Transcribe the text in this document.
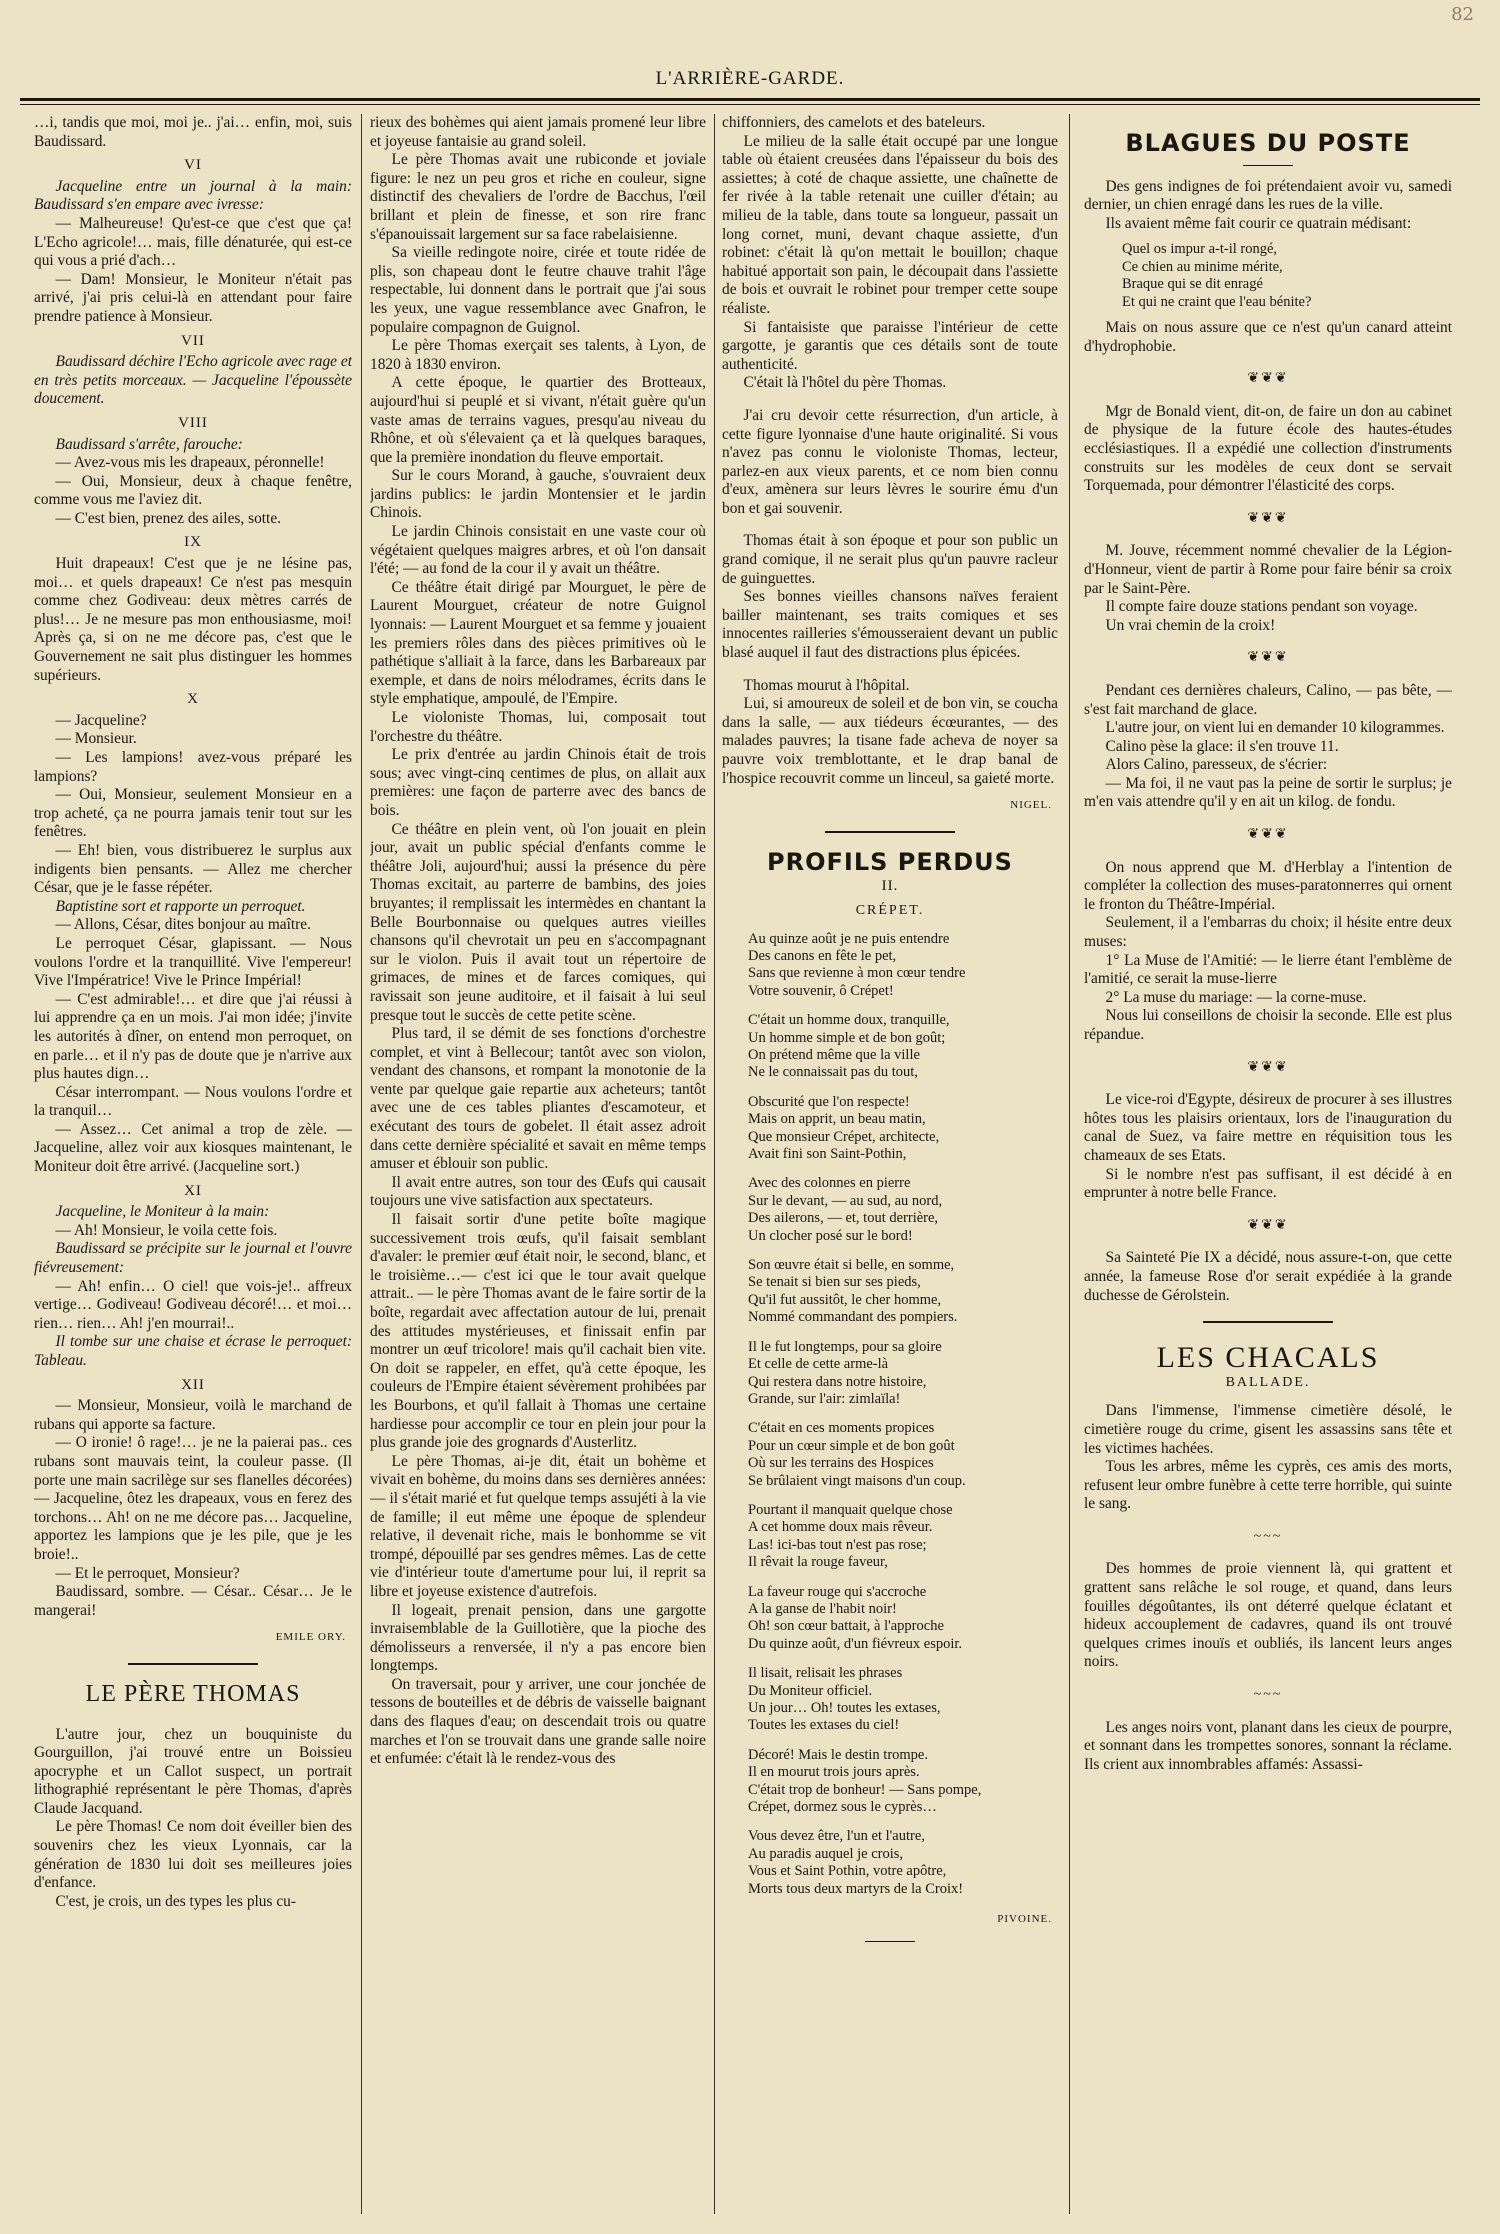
82
L'ARRIÈRE-GARDE.

…i, tandis que moi, moi je.. j'ai… enfin, moi, suis Baudissard.

VI

Jacqueline entre un journal à la main: Baudissard s'en empare avec ivresse:

— Malheureuse! Qu'est-ce que c'est que ça! L'Echo agricole!… mais, fille dénaturée, qui est-ce qui vous a prié d'ach…

— Dam! Monsieur, le Moniteur n'était pas arrivé, j'ai pris celui-là en attendant pour faire prendre patience à Monsieur.

VII

Baudissard déchire l'Echo agricole avec rage et en très petits morceaux. — Jacqueline l'époussète doucement.

VIII

Baudissard s'arrête, farouche:

— Avez-vous mis les drapeaux, péronnelle!

— Oui, Monsieur, deux à chaque fenêtre, comme vous me l'aviez dit.

— C'est bien, prenez des ailes, sotte.

IX

Huit drapeaux! C'est que je ne lésine pas, moi… et quels drapeaux! Ce n'est pas mesquin comme chez Godiveau: deux mètres carrés de plus!… Je ne mesure pas mon enthousiasme, moi! Après ça, si on ne me décore pas, c'est que le Gouvernement ne sait plus distinguer les hommes supérieurs.

X

— Jacqueline?

— Monsieur.

— Les lampions! avez-vous préparé les lampions?

— Oui, Monsieur, seulement Monsieur en a trop acheté, ça ne pourra jamais tenir tout sur les fenêtres.

— Eh! bien, vous distribuerez le surplus aux indigents bien pensants. — Allez me chercher César, que je le fasse répéter.

Baptistine sort et rapporte un perroquet.

— Allons, César, dites bonjour au maître.

Le perroquet César, glapissant. — Nous voulons l'ordre et la tranquillité. Vive l'empereur! Vive l'Impératrice! Vive le Prince Impérial!

— C'est admirable!… et dire que j'ai réussi à lui apprendre ça en un mois. J'ai mon idée; j'invite les autorités à dîner, on entend mon perroquet, on en parle… et il n'y pas de doute que je n'arrive aux plus hautes dign…

César interrompant. — Nous voulons l'ordre et la tranquil…

— Assez… Cet animal a trop de zèle. — Jacqueline, allez voir aux kiosques maintenant, le Moniteur doit être arrivé. (Jacqueline sort.)

XI

Jacqueline, le Moniteur à la main:

— Ah! Monsieur, le voila cette fois.

Baudissard se précipite sur le journal et l'ouvre fiévreusement:

— Ah! enfin… O ciel! que vois-je!.. affreux vertige… Godiveau! Godiveau décoré!… et moi… rien… rien… Ah! j'en mourrai!..

Il tombe sur une chaise et écrase le perroquet: Tableau.

XII

— Monsieur, Monsieur, voilà le marchand de rubans qui apporte sa facture.

— O ironie! ô rage!… je ne la paierai pas.. ces rubans sont mauvais teint, la couleur passe. (Il porte une main sacrilège sur ses flanelles décorées) — Jacqueline, ôtez les drapeaux, vous en ferez des torchons… Ah! on ne me décore pas… Jacqueline, apportez les lampions que je les pile, que je les broie!..

— Et le perroquet, Monsieur?

Baudissard, sombre. — César.. César… Je le mangerai!

EMILE ORY.
LE PÈRE THOMAS

L'autre jour, chez un bouquiniste du Gourguillon, j'ai trouvé entre un Boissieu apocryphe et un Callot suspect, un portrait lithographié représentant le père Thomas, d'après Claude Jacquand.

Le père Thomas! Ce nom doit éveiller bien des souvenirs chez les vieux Lyonnais, car la génération de 1830 lui doit ses meilleures joies d'enfance.

C'est, je crois, un des types les plus cu-

rieux des bohèmes qui aient jamais promené leur libre et joyeuse fantaisie au grand soleil.

Le père Thomas avait une rubiconde et joviale figure: le nez un peu gros et riche en couleur, signe distinctif des chevaliers de l'ordre de Bacchus, l'œil brillant et plein de finesse, et son rire franc s'épanouissait largement sur sa face rabelaisienne.

Sa vieille redingote noire, cirée et toute ridée de plis, son chapeau dont le feutre chauve trahit l'âge respectable, lui donnent dans le portrait que j'ai sous les yeux, une vague ressemblance avec Gnafron, le populaire compagnon de Guignol.

Le père Thomas exerçait ses talents, à Lyon, de 1820 à 1830 environ.

A cette époque, le quartier des Brotteaux, aujourd'hui si peuplé et si vivant, n'était guère qu'un vaste amas de terrains vagues, presqu'au niveau du Rhône, et où s'élevaient ça et là quelques baraques, que la première inondation du fleuve emportait.

Sur le cours Morand, à gauche, s'ouvraient deux jardins publics: le jardin Montensier et le jardin Chinois.

Le jardin Chinois consistait en une vaste cour où végétaient quelques maigres arbres, et où l'on dansait l'été; — au fond de la cour il y avait un théâtre.

Ce théâtre était dirigé par Mourguet, le père de Laurent Mourguet, créateur de notre Guignol lyonnais: — Laurent Mourguet et sa femme y jouaient les premiers rôles dans des pièces primitives où le pathétique s'alliait à la farce, dans les Barbareaux par exemple, et dans de noirs mélodrames, écrits dans le style emphatique, ampoulé, de l'Empire.

Le violoniste Thomas, lui, composait tout l'orchestre du théâtre.

Le prix d'entrée au jardin Chinois était de trois sous; avec vingt-cinq centimes de plus, on allait aux premières: une façon de parterre avec des bancs de bois.

Ce théâtre en plein vent, où l'on jouait en plein jour, avait un public spécial d'enfants comme le théâtre Joli, aujourd'hui; aussi la présence du père Thomas excitait, au parterre de bambins, des joies bruyantes; il remplissait les intermèdes en chantant la Belle Bourbonnaise ou quelques autres vieilles chansons qu'il chevrotait un peu en s'accompagnant sur le violon. Puis il avait tout un répertoire de grimaces, de mines et de farces comiques, qui ravissait son jeune auditoire, et il faisait à lui seul presque tout le succès de cette petite scène.

Plus tard, il se démit de ses fonctions d'orchestre complet, et vint à Bellecour; tantôt avec son violon, vendant des chansons, et rompant la monotonie de la vente par quelque gaie repartie aux acheteurs; tantôt avec une de ces tables pliantes d'escamoteur, et exécutant des tours de gobelet. Il était assez adroit dans cette dernière spécialité et savait en même temps amuser et éblouir son public.

Il avait entre autres, son tour des Œufs qui causait toujours une vive satisfaction aux spectateurs.

Il faisait sortir d'une petite boîte magique successivement trois œufs, qu'il faisait semblant d'avaler: le premier œuf était noir, le second, blanc, et le troisième…— c'est ici que le tour avait quelque attrait.. — le père Thomas avant de le faire sortir de la boîte, regardait avec affectation autour de lui, prenait des attitudes mystérieuses, et finissait enfin par montrer un œuf tricolore! mais qu'il cachait bien vite. On doit se rappeler, en effet, qu'à cette époque, les couleurs de l'Empire étaient sévèrement prohibées par les Bourbons, et qu'il fallait à Thomas une certaine hardiesse pour accomplir ce tour en plein jour pour la plus grande joie des grognards d'Austerlitz.

Le père Thomas, ai-je dit, était un bohème et vivait en bohème, du moins dans ses dernières années: — il s'était marié et fut quelque temps assujéti à la vie de famille; il eut même une époque de splendeur relative, il devenait riche, mais le bonhomme se vit trompé, dépouillé par ses gendres mêmes. Las de cette vie d'intérieur toute d'amertume pour lui, il reprit sa libre et joyeuse existence d'autrefois.

Il logeait, prenait pension, dans une gargotte invraisemblable de la Guillotière, que la pioche des démolisseurs a renversée, il n'y a pas encore bien longtemps.

On traversait, pour y arriver, une cour jonchée de tessons de bouteilles et de débris de vaisselle baignant dans des flaques d'eau; on descendait trois ou quatre marches et l'on se trouvait dans une grande salle noire et enfumée: c'était là le rendez-vous des

chiffonniers, des camelots et des bateleurs.

Le milieu de la salle était occupé par une longue table où étaient creusées dans l'épaisseur du bois des assiettes; à coté de chaque assiette, une chaînette de fer rivée à la table retenait une cuiller d'étain; au milieu de la table, dans toute sa longueur, passait un long cornet, muni, devant chaque assiette, d'un robinet: c'était là qu'on mettait le bouillon; chaque habitué apportait son pain, le découpait dans l'assiette de bois et ouvrait le robinet pour tremper cette soupe réaliste.

Si fantaisiste que paraisse l'intérieur de cette gargotte, je garantis que ces détails sont de toute authenticité.

C'était là l'hôtel du père Thomas.

J'ai cru devoir cette résurrection, d'un article, à cette figure lyonnaise d'une haute originalité. Si vous n'avez pas connu le violoniste Thomas, lecteur, parlez-en aux vieux parents, et ce nom bien connu d'eux, amènera sur leurs lèvres le sourire ému d'un bon et gai souvenir.

Thomas était à son époque et pour son public un grand comique, il ne serait plus qu'un pauvre racleur de guinguettes.

Ses bonnes vieilles chansons naïves feraient bailler maintenant, ses traits comiques et ses innocentes railleries s'émousseraient devant un public blasé auquel il faut des distractions plus épicées.

Thomas mourut à l'hôpital.

Lui, si amoureux de soleil et de bon vin, se coucha dans la salle, — aux tiédeurs écœurantes, — des malades pauvres; la tisane fade acheva de noyer sa pauvre voix tremblottante, et le drap banal de l'hospice recouvrit comme un linceul, sa gaieté morte.

NIGEL.
PROFILS PERDUS
II.
CRÉPET.
Au quinze août je ne puis entendre
Des canons en fête le pet,
Sans que revienne à mon cœur tendre
Votre souvenir, ô Crépet!
C'était un homme doux, tranquille,
Un homme simple et de bon goût;
On prétend même que la ville
Ne le connaissait pas du tout,
Obscurité que l'on respecte!
Mais on apprit, un beau matin,
Que monsieur Crépet, architecte,
Avait fini son Saint-Pothin,
Avec des colonnes en pierre
Sur le devant, — au sud, au nord,
Des ailerons, — et, tout derrière,
Un clocher posé sur le bord!
Son œuvre était si belle, en somme,
Se tenait si bien sur ses pieds,
Qu'il fut aussitôt, le cher homme,
Nommé commandant des pompiers.
Il le fut longtemps, pour sa gloire
Et celle de cette arme-là
Qui restera dans notre histoire,
Grande, sur l'air: zimlaïla!
C'était en ces moments propices
Pour un cœur simple et de bon goût
Où sur les terrains des Hospices
Se brûlaient vingt maisons d'un coup.
Pourtant il manquait quelque chose
A cet homme doux mais rêveur.
Las! ici-bas tout n'est pas rose;
Il rêvait la rouge faveur,
La faveur rouge qui s'accroche
A la ganse de l'habit noir!
Oh! son cœur battait, à l'approche
Du quinze août, d'un fiévreux espoir.
Il lisait, relisait les phrases
Du Moniteur officiel.
Un jour… Oh! toutes les extases,
Toutes les extases du ciel!
Décoré! Mais le destin trompe.
Il en mourut trois jours après.
C'était trop de bonheur! — Sans pompe,
Crépet, dormez sous le cyprès…
Vous devez être, l'un et l'autre,
Au paradis auquel je crois,
Vous et Saint Pothin, votre apôtre,
Morts tous deux martyrs de la Croix!
PIVOINE.
BLAGUES DU POSTE

Des gens indignes de foi prétendaient avoir vu, samedi dernier, un chien enragé dans les rues de la ville.

Ils avaient même fait courir ce quatrain médisant:

Quel os impur a-t-il rongé,
Ce chien au minime mérite,
Braque qui se dit enragé
Et qui ne craint que l'eau bénite?

Mais on nous assure que ce n'est qu'un canard atteint d'hydrophobie.

❦❦❦

Mgr de Bonald vient, dit-on, de faire un don au cabinet de physique de la future école des hautes-études ecclésiastiques. Il a expédié une collection d'instruments construits sur les modèles de ceux dont se servait Torquemada, pour démontrer l'élasticité des corps.

❦❦❦

M. Jouve, récemment nommé chevalier de la Légion-d'Honneur, vient de partir à Rome pour faire bénir sa croix par le Saint-Père.

Il compte faire douze stations pendant son voyage.

Un vrai chemin de la croix!

❦❦❦

Pendant ces dernières chaleurs, Calino, — pas bête, — s'est fait marchand de glace.

L'autre jour, on vient lui en demander 10 kilogrammes.

Calino pèse la glace: il s'en trouve 11.

Alors Calino, paresseux, de s'écrier:

— Ma foi, il ne vaut pas la peine de sortir le surplus; je m'en vais attendre qu'il y en ait un kilog. de fondu.

❦❦❦

On nous apprend que M. d'Herblay a l'intention de compléter la collection des muses-paratonnerres qui ornent le fronton du Théâtre-Impérial.

Seulement, il a l'embarras du choix; il hésite entre deux muses:

1° La Muse de l'Amitié: — le lierre étant l'emblème de l'amitié, ce serait la muse-lierre

2° La muse du mariage: — la corne-muse.

Nous lui conseillons de choisir la seconde. Elle est plus répandue.

❦❦❦

Le vice-roi d'Egypte, désireux de procurer à ses illustres hôtes tous les plaisirs orientaux, lors de l'inauguration du canal de Suez, va faire mettre en réquisition tous les chameaux de ses Etats.

Si le nombre n'est pas suffisant, il est décidé à en emprunter à notre belle France.

❦❦❦

Sa Sainteté Pie IX a décidé, nous assure-t-on, que cette année, la fameuse Rose d'or serait expédiée à la grande duchesse de Gérolstein.

LES CHACALS
BALLADE.

Dans l'immense, l'immense cimetière désolé, le cimetière rouge du crime, gisent les assassins sans tête et les victimes hachées.

Tous les arbres, même les cyprès, ces amis des morts, refusent leur ombre funèbre à cette terre horrible, qui suinte le sang.

~~~

Des hommes de proie viennent là, qui grattent et grattent sans relâche le sol rouge, et quand, dans leurs fouilles dégoûtantes, ils ont déterré quelque éclatant et hideux accouplement de cadavres, quand ils ont trouvé quelques crimes inouïs et oubliés, ils lancent leurs anges noirs.

~~~

Les anges noirs vont, planant dans les cieux de pourpre, et sonnant dans les trompettes sonores, sonnant la réclame. Ils crient aux innombrables affamés: Assassi-
